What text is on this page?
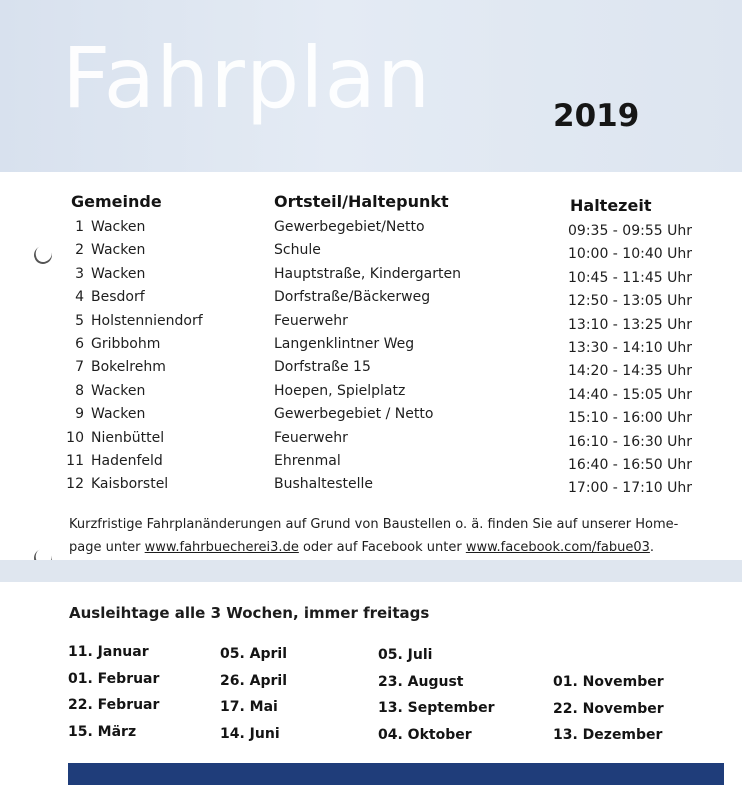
Fahrplan	2019
Gemeinde	Ortsteil/Haltepunkt	Haltezeit
1 Wacken	Gewerbegebiet/Netto	09:35 - 09:55 Uhr
2 Wacken	Schule	10:00 - 10:40 Uhr
3 Wacken	Hauptstraße, Kindergarten	10:45 - 11:45 Uhr
4 Besdorf	Dorfstraße/Bäckerweg	12:50 - 13:05 Uhr
5 Holstenniendorf	Feuerwehr	13:10 - 13:25 Uhr
6 Gribbohm	Langenklintner Weg	13:30 - 14:10 Uhr
7 Bokelrehm	Dorfstraße 15	14:20 - 14:35 Uhr
8 Wacken	Hoepen, Spielplatz	14:40 - 15:05 Uhr
9 Wacken	Gewerbegebiet / Netto	15:10 - 16:00 Uhr
10 Nienbüttel	Feuerwehr	16:10 - 16:30 Uhr
11 Hadenfeld	Ehrenmal	16:40 - 16:50 Uhr
12 Kaisborstel	Bushaltestelle	17:00 - 17:10 Uhr
Kurzfristige Fahrplanänderungen auf Grund von Baustellen o. ä. finden Sie auf unserer Home-
page unter www.fahrbuecherei3.de oder auf Facebook unter www.facebook.com/fabue03.
Ausleihtage alle 3 Wochen, immer freitags
11. Januar
01. Februar
22. Februar
15. März
05. April
26. April
17. Mai
14. Juni
05. Juli
23. August
13. September
04. Oktober
01. November
22. November
13. Dezember
